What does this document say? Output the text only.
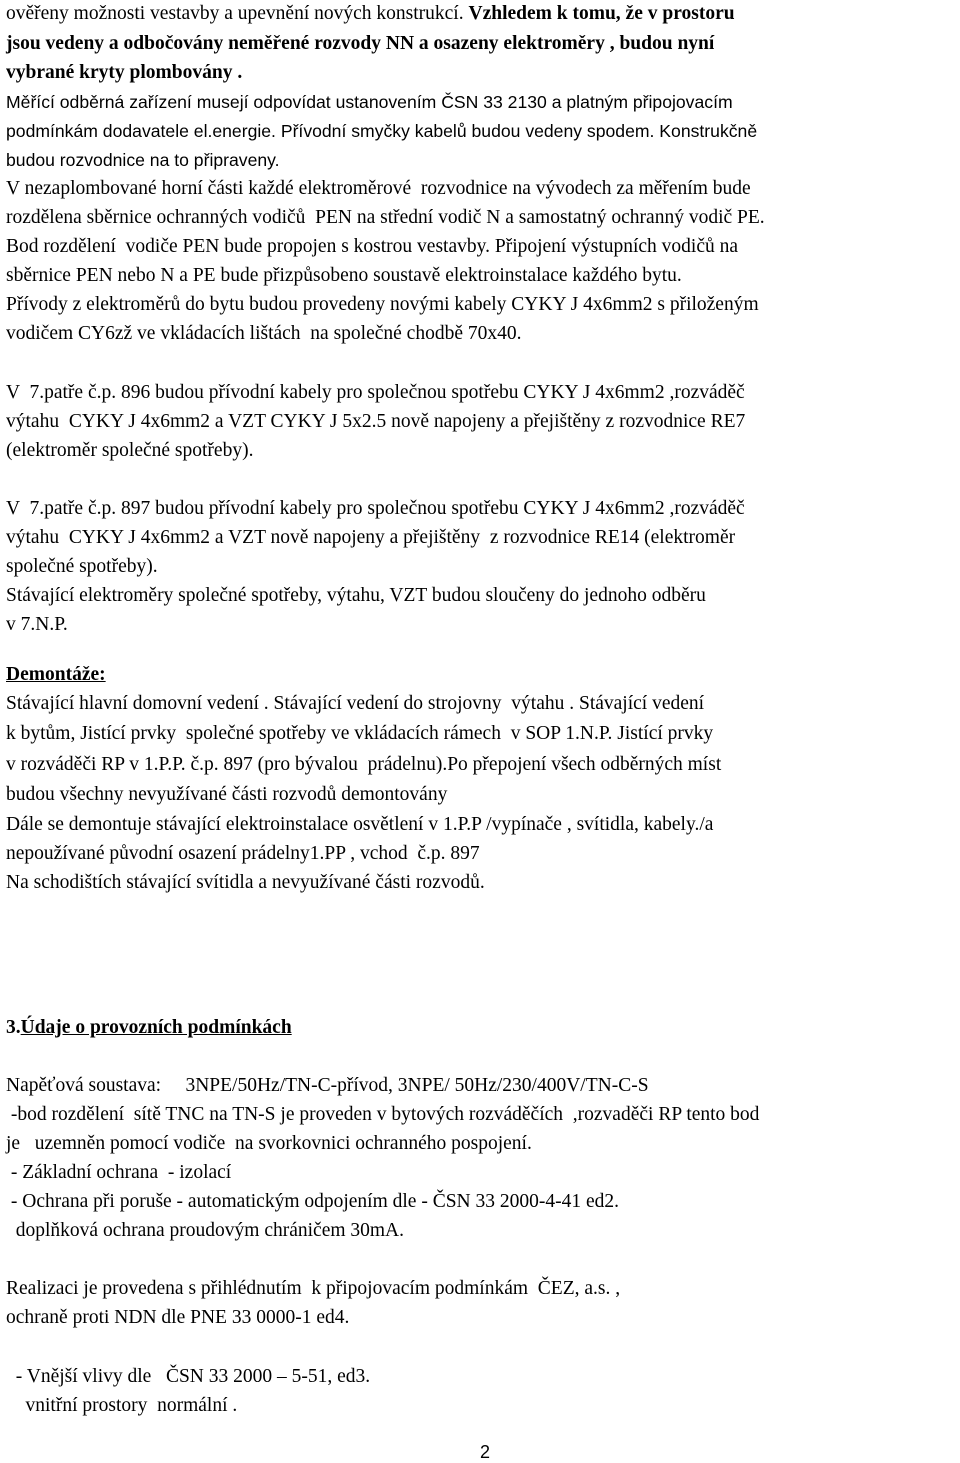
ověřeny možnosti vestavby a upevnění nových konstrukcí. Vzhledem k tomu, že v prostoru
jsou vedeny a odbočovány neměřené rozvody NN a osazeny elektroměry , budou nyní
vybrané kryty plombovány .
Měřící odběrná zařízení musejí odpovídat ustanovením ČSN 33 2130 a platným připojovacím
podmínkám dodavatele el.energie. Přívodní smyčky kabelů budou vedeny spodem. Konstrukčně
budou rozvodnice na to připraveny.
V nezaplombované horní části každé elektroměrové  rozvodnice na vývodech za měřením bude
rozdělena sběrnice ochranných vodičů  PEN na střední vodič N a samostatný ochranný vodič PE.
Bod rozdělení  vodiče PEN bude propojen s kostrou vestavby. Připojení výstupních vodičů na
sběrnice PEN nebo N a PE bude přizpůsobeno soustavě elektroinstalace každého bytu.
Přívody z elektroměrů do bytu budou provedeny novými kabely CYKY J 4x6mm2 s přiloženým
vodičem CY6zž ve vkládacích lištách  na společné chodbě 70x40.
V  7.patře č.p. 896 budou přívodní kabely pro společnou spotřebu CYKY J 4x6mm2 ,rozváděč
výtahu  CYKY J 4x6mm2 a VZT CYKY J 5x2.5 nově napojeny a přejištěny z rozvodnice RE7
(elektroměr společné spotřeby).
V  7.patře č.p. 897 budou přívodní kabely pro společnou spotřebu CYKY J 4x6mm2 ,rozváděč
výtahu  CYKY J 4x6mm2 a VZT nově napojeny a přejištěny  z rozvodnice RE14 (elektroměr
společné spotřeby).
Stávající elektroměry společné spotřeby, výtahu, VZT budou sloučeny do jednoho odběru
v 7.N.P.
Demontáže:
Stávající hlavní domovní vedení . Stávající vedení do strojovny  výtahu . Stávající vedení
k bytům, Jistící prvky  společné spotřeby ve vkládacích rámech  v SOP 1.N.P. Jistící prvky
v rozváděči RP v 1.P.P. č.p. 897 (pro bývalou  prádelnu).Po přepojení všech odběrných míst
budou všechny nevyužívané části rozvodů demontovány
Dále se demontuje stávající elektroinstalace osvětlení v 1.P.P /vypínače , svítidla, kabely./a
nepoužívané původní osazení prádelny1.PP , vchod  č.p. 897
Na schodištích stávající svítidla a nevyužívané části rozvodů.
3.Údaje o provozních podmínkách
Napěťová soustava:     3NPE/50Hz/TN-C-přívod, 3NPE/ 50Hz/230/400V/TN-C-S
-bod rozdělení  sítě TNC na TN-S je proveden v bytových rozváděčích  ,rozvaděči RP tento bod
je   uzemněn pomocí vodiče  na svorkovnici ochranného pospojení.
- Základní ochrana  - izolací
- Ochrana při poruše - automatickým odpojením dle - ČSN 33 2000-4-41 ed2.
doplňková ochrana proudovým chráničem 30mA.
Realizaci je provedena s přihlédnutím  k připojovacím podmínkám  ČEZ, a.s. ,
ochraně proti NDN dle PNE 33 0000-1 ed4.
- Vnější vlivy dle   ČSN 33 2000 – 5-51, ed3.
vnitřní prostory  normální .
2
